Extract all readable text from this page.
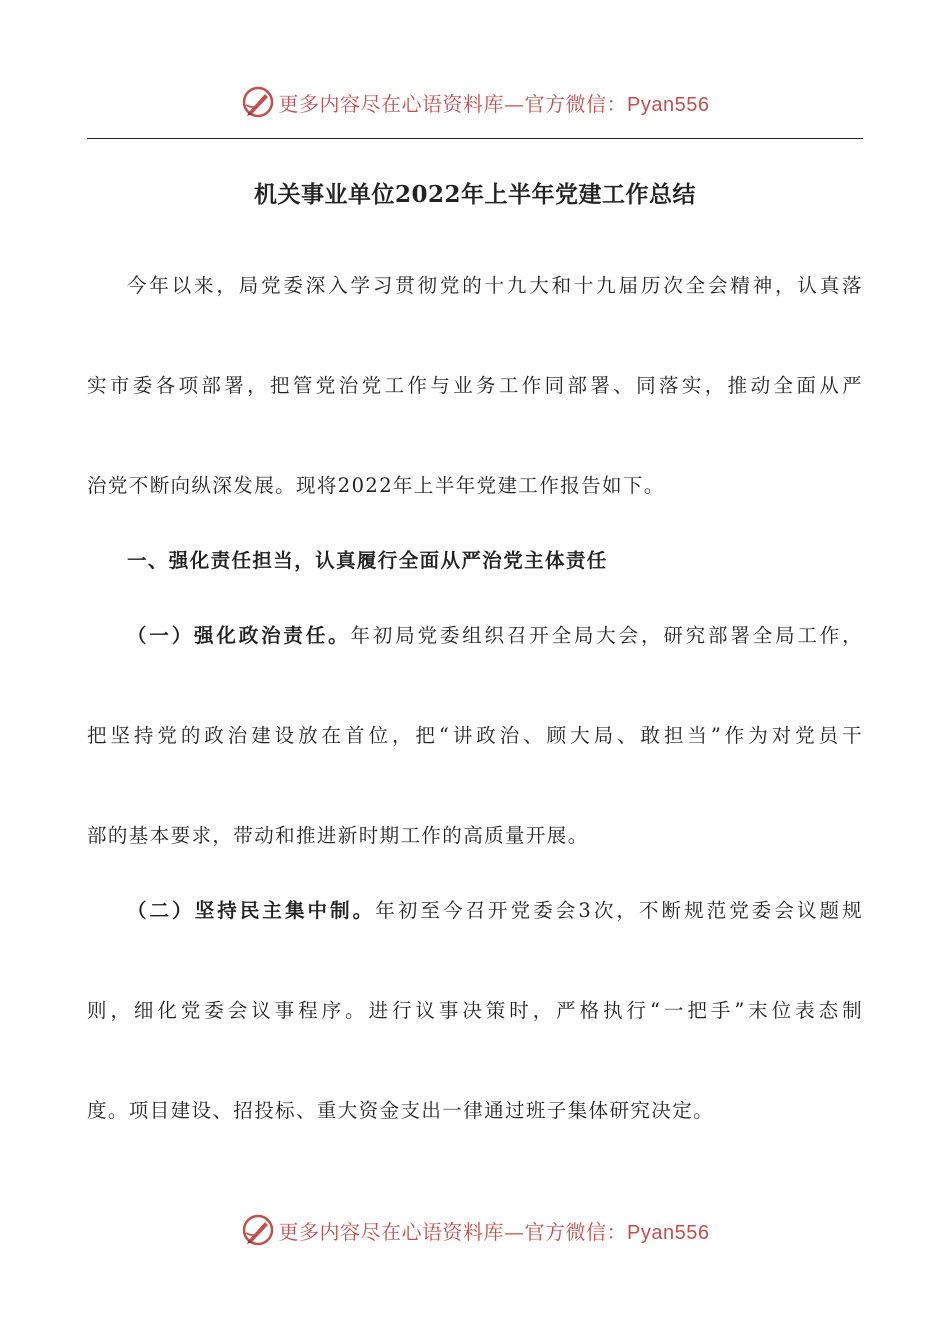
更多内容尽在心语资料库—官方微信：Pyan556
机关事业单位2022年上半年党建工作总结
今年以来，局党委深入学习贯彻党的十九大和十九届历次全会精神，认真落
实市委各项部署，把管党治党工作与业务工作同部署、同落实，推动全面从严
治党不断向纵深发展。现将2022年上半年党建工作报告如下。
一、强化责任担当，认真履行全面从严治党主体责任
（一）强化政治责任。年初局党委组织召开全局大会，研究部署全局工作，
把坚持党的政治建设放在首位，把“讲政治、顾大局、敢担当”作为对党员干
部的基本要求，带动和推进新时期工作的高质量开展。
（二）坚持民主集中制。年初至今召开党委会3次，不断规范党委会议题规
则，细化党委会议事程序。进行议事决策时，严格执行“一把手”末位表态制
度。项目建设、招投标、重大资金支出一律通过班子集体研究决定。
更多内容尽在心语资料库—官方微信：Pyan556
